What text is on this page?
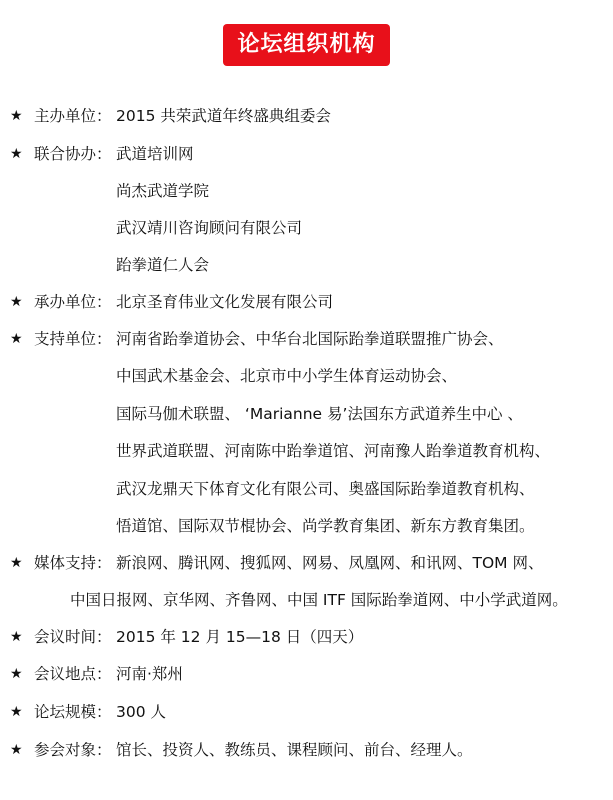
论坛组织机构
★ 主办单位： 2015 共荣武道年终盛典组委会
★ 联合协办： 武道培训网
尚杰武道学院
武汉靖川咨询顾问有限公司
跆拳道仁人会
★ 承办单位： 北京圣育伟业文化发展有限公司
★ 支持单位： 河南省跆拳道协会、中华台北国际跆拳道联盟推广协会、
中国武术基金会、北京市中小学生体育运动协会、
国际马伽术联盟、 ‘Marianne 易’法国东方武道养生中心 、
世界武道联盟、河南陈中跆拳道馆、河南豫人跆拳道教育机构、
武汉龙鼎天下体育文化有限公司、奥盛国际跆拳道教育机构、
悟道馆、国际双节棍协会、尚学教育集团、新东方教育集团。
★ 媒体支持： 新浪网、腾讯网、搜狐网、网易、凤凰网、和讯网、TOM 网、
中国日报网、京华网、齐鲁网、中国 ITF 国际跆拳道网、中小学武道网。
★ 会议时间： 2015 年 12 月 15—18 日（四天）
★ 会议地点： 河南·郑州
★ 论坛规模： 300 人
★ 参会对象： 馆长、投资人、教练员、课程顾问、前台、经理人。
